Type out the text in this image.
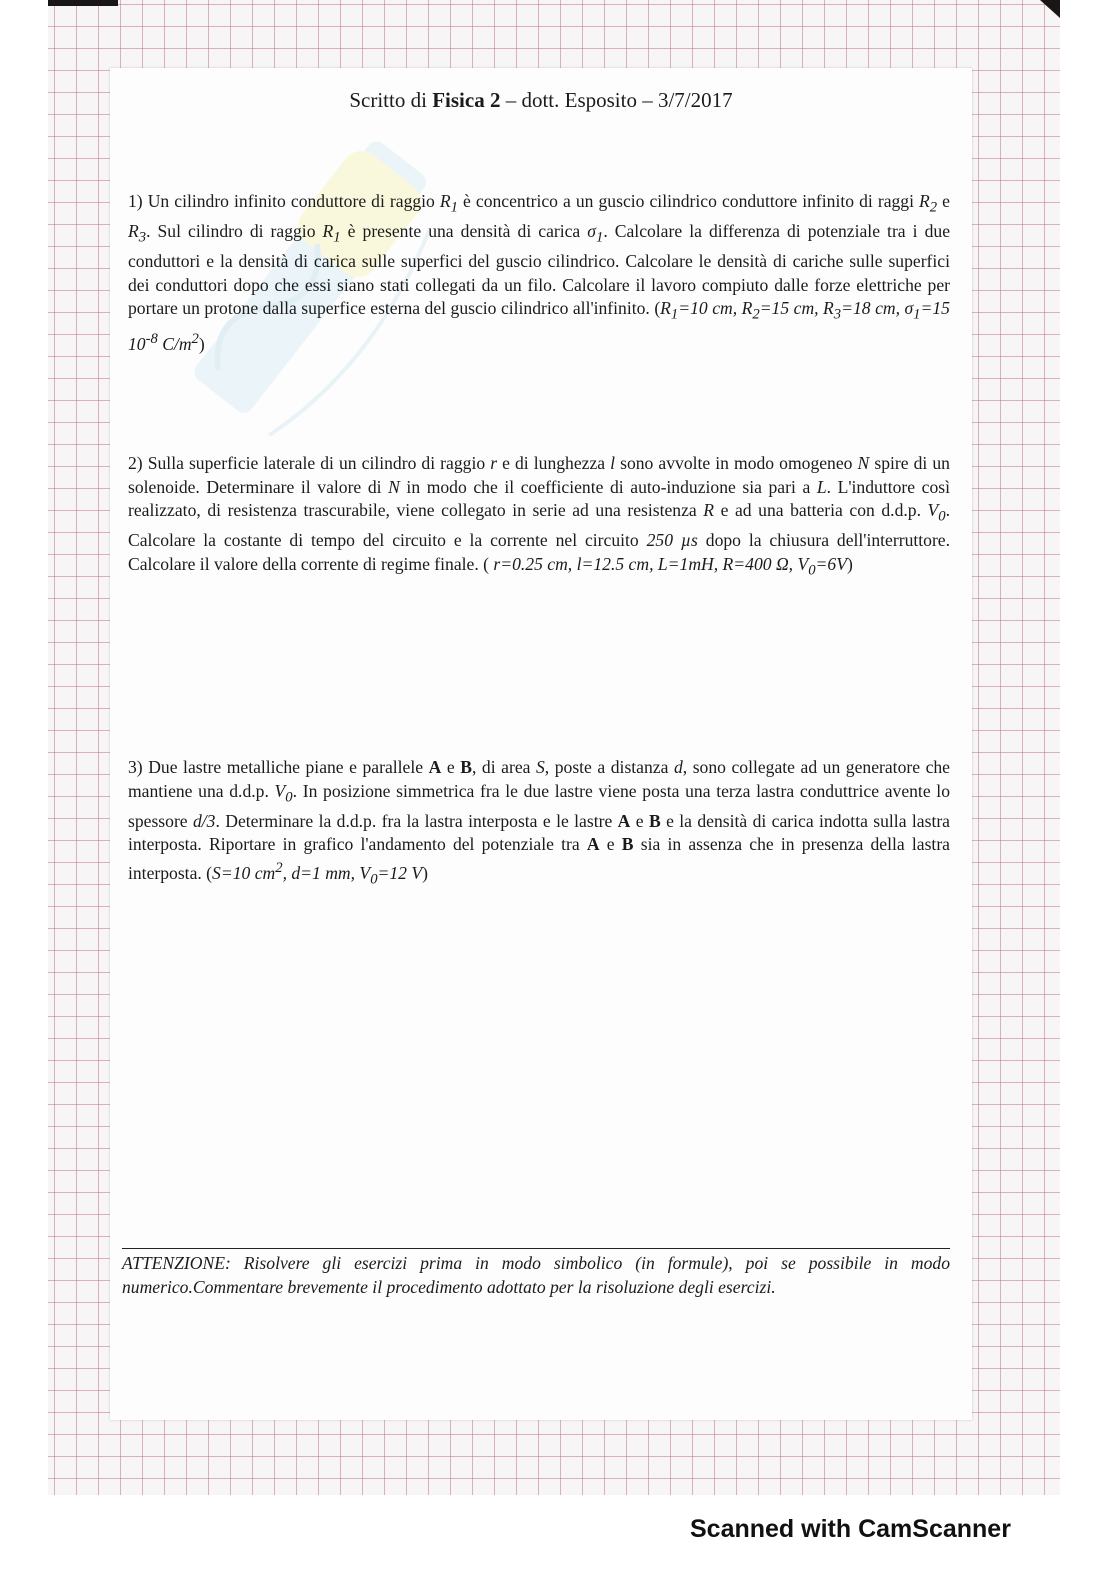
Scritto di Fisica 2 – dott. Esposito – 3/7/2017
1) Un cilindro infinito conduttore di raggio $R_1$ è concentrico a un guscio cilindrico conduttore infinito di raggi $R_2$ e $R_3$. Sul cilindro di raggio $R_1$ è presente una densità di carica $\sigma_1$. Calcolare la differenza di potenziale tra i due conduttori e la densità di carica sulle superfici del guscio cilindrico. Calcolare le densità di cariche sulle superfici dei conduttori dopo che essi siano stati collegati da un filo. Calcolare il lavoro compiuto dalle forze elettriche per portare un protone dalla superfice esterna del guscio cilindrico all'infinito. ($R_1=10$ cm, $R_2=15$ cm, $R_3=18$ cm, $\sigma_1=15$ $10^{-8}$ $C/m^2$)
2) Sulla superficie laterale di un cilindro di raggio r e di lunghezza l sono avvolte in modo omogeneo N spire di un solenoide. Determinare il valore di N in modo che il coefficiente di auto-induzione sia pari a L. L'induttore così realizzato, di resistenza trascurabile, viene collegato in serie ad una resistenza R e ad una batteria con d.d.p. $V_0$. Calcolare la costante di tempo del circuito e la corrente nel circuito 250 µs dopo la chiusura dell'interruttore. Calcolare il valore della corrente di regime finale. ( r=0.25 cm, l=12.5 cm, L=1mH, R=400 Ω, $V_0=6V$)
3) Due lastre metalliche piane e parallele A e B, di area S, poste a distanza d, sono collegate ad un generatore che mantiene una d.d.p. $V_0$. In posizione simmetrica fra le due lastre viene posta una terza lastra conduttrice avente lo spessore d/3. Determinare la d.d.p. fra la lastra interposta e le lastre A e B e la densità di carica indotta sulla lastra interposta. Riportare in grafico l'andamento del potenziale tra A e B sia in assenza che in presenza della lastra interposta. (S=10 $cm^2$, d=1 mm, $V_0=12$ V)
ATTENZIONE: Risolvere gli esercizi prima in modo simbolico (in formule), poi se possibile in modo numerico.Commentare brevemente il procedimento adottato per la risoluzione degli esercizi.
Scanned with CamScanner
